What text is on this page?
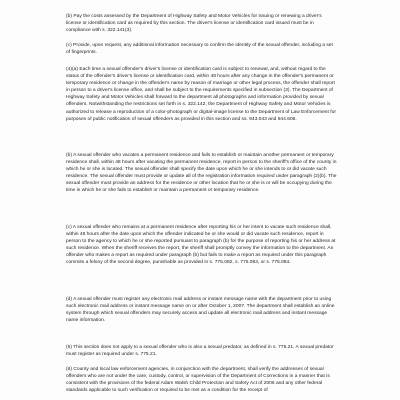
(b) Pay the costs assessed by the Department of Highway Safety and Motor Vehicles for issuing or renewing a driver's license or identification card as required by this section. The driver's license or identification card issued must be in compliance with s. 322.141(3).

(c) Provide, upon request, any additional information necessary to confirm the identity of the sexual offender, including a set of fingerprints.

(4)(a) Each time a sexual offender's driver's license or identification card is subject to renewal, and, without regard to the status of the offender's driver's license or identification card, within 48 hours after any change in the offender's permanent or temporary residence or change in the offender's name by reason of marriage or other legal process, the offender shall report in person to a driver's license office, and shall be subject to the requirements specified in subsection (3). The Department of Highway Safety and Motor Vehicles shall forward to the department all photographs and information provided by sexual offenders. Notwithstanding the restrictions set forth in s. 322.142, the Department of Highway Safety and Motor Vehicles is authorized to release a reproduction of a color-photograph or digital-image license to the Department of Law Enforcement for purposes of public notification of sexual offenders as provided in this section and ss. 943.043 and 944.606.

(b) A sexual offender who vacates a permanent residence and fails to establish or maintain another permanent or temporary residence shall, within 48 hours after vacating the permanent residence, report in person to the sheriff's office of the county in which he or she is located. The sexual offender shall specify the date upon which he or she intends to or did vacate such residence. The sexual offender must provide or update all of the registration information required under paragraph (2)(b). The sexual offender must provide an address for the residence or other location that he or she is or will be occupying during the time in which he or she fails to establish or maintain a permanent or temporary residence.

(c) A sexual offender who remains at a permanent residence after reporting his or her intent to vacate such residence shall, within 48 hours after the date upon which the offender indicated he or she would or did vacate such residence, report in person to the agency to which he or she reported pursuant to paragraph (b) for the purpose of reporting his or her address at such residence. When the sheriff receives the report, the sheriff shall promptly convey the information to the department. An offender who makes a report as required under paragraph (b) but fails to make a report as required under this paragraph commits a felony of the second degree, punishable as provided in s. 775.082, s. 775.083, or s. 775.084.

(d) A sexual offender must register any electronic mail address or instant message name with the department prior to using such electronic mail address or instant message name on or after October 1, 2007. The department shall establish an online system through which sexual offenders may securely access and update all electronic mail address and instant message name information.

(5) This section does not apply to a sexual offender who is also a sexual predator, as defined in s. 775.21. A sexual predator must register as required under s. 775.21.

(6) County and local law enforcement agencies, in conjunction with the department, shall verify the addresses of sexual offenders who are not under the care, custody, control, or supervision of the Department of Corrections in a manner that is consistent with the provisions of the federal Adam Walsh Child Protection and Safety Act of 2006 and any other federal standards applicable to such verification or required to be met as a condition for the receipt of
